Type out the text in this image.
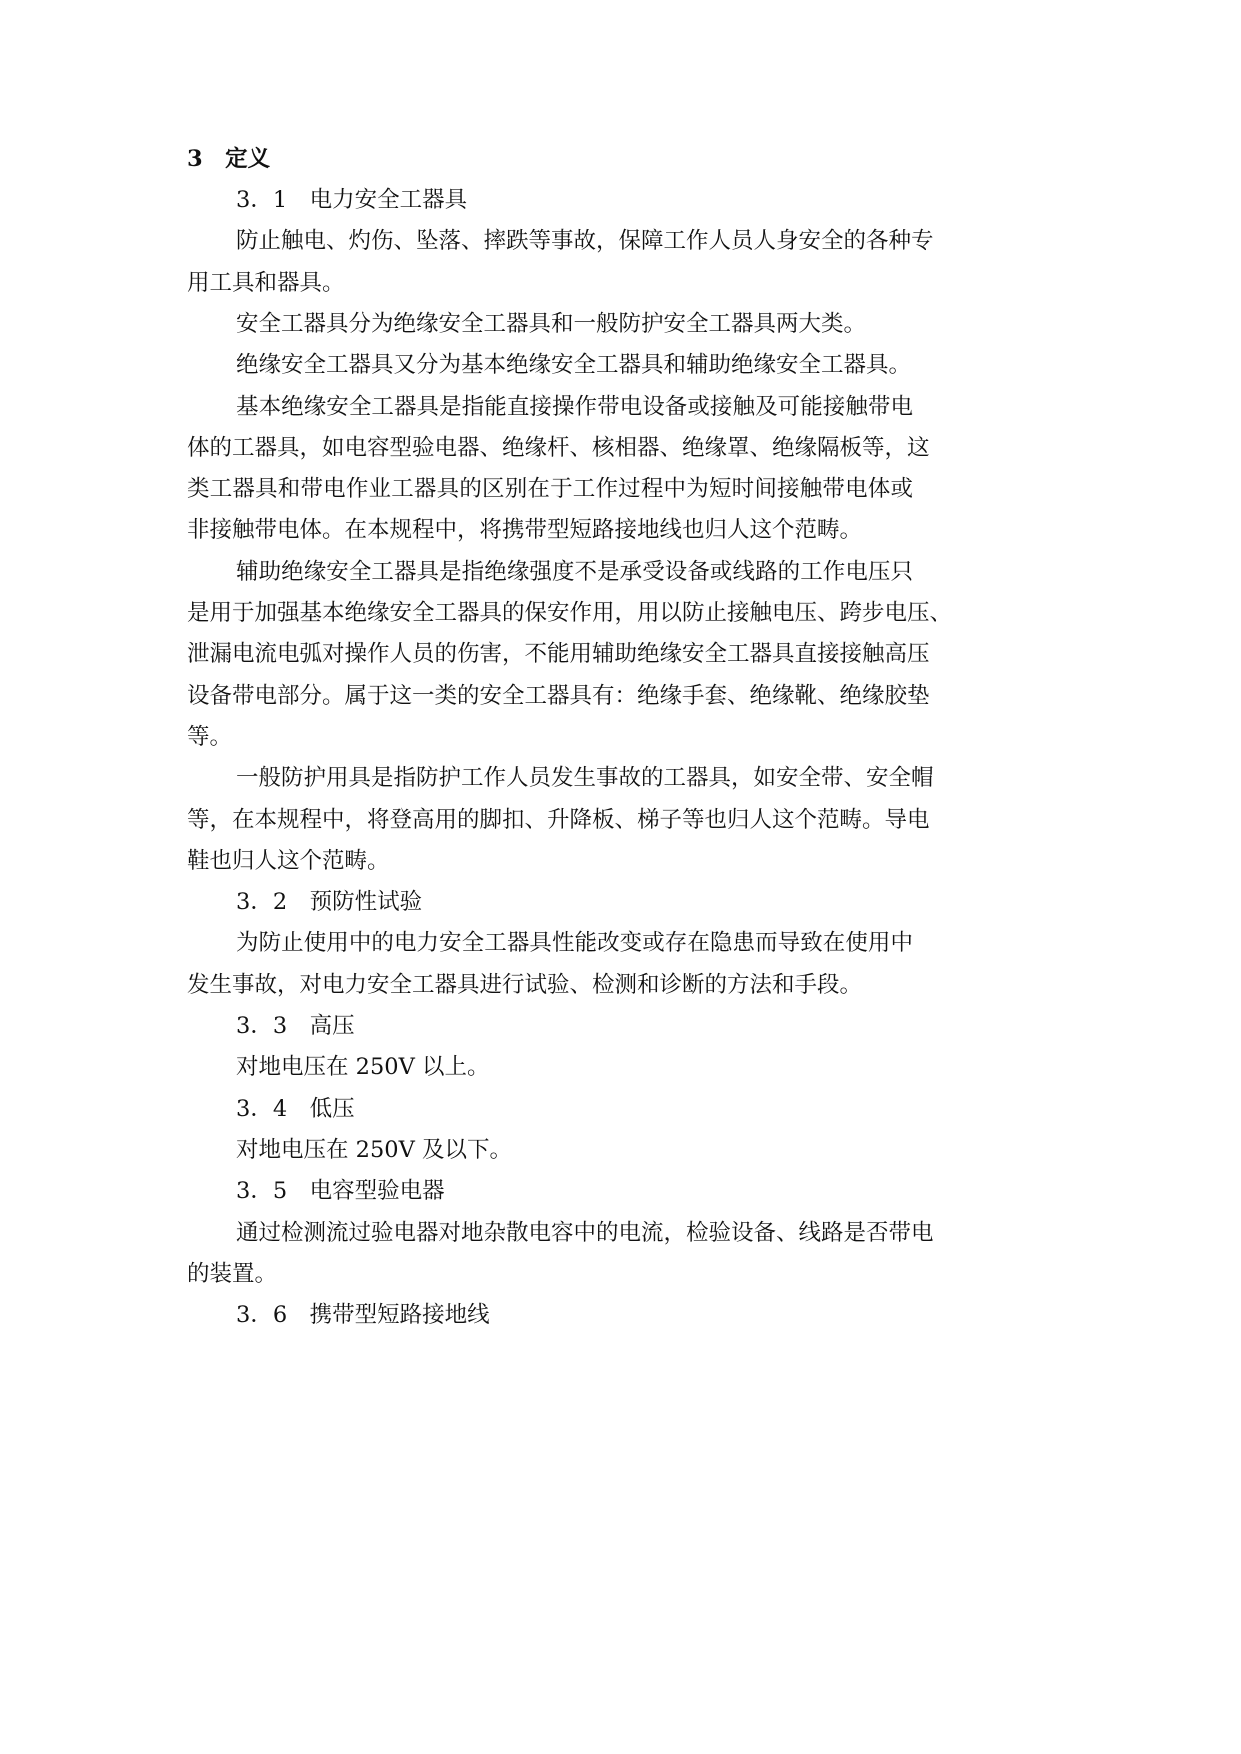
3　定义
3．1　电力安全工器具
防止触电、灼伤、坠落、摔跌等事故，保障工作人员人身安全的各种专
用工具和器具。
安全工器具分为绝缘安全工器具和一般防护安全工器具两大类。
绝缘安全工器具又分为基本绝缘安全工器具和辅助绝缘安全工器具。
基本绝缘安全工器具是指能直接操作带电设备或接触及可能接触带电
体的工器具，如电容型验电器、绝缘杆、核相器、绝缘罩、绝缘隔板等，这
类工器具和带电作业工器具的区别在于工作过程中为短时间接触带电体或
非接触带电体。在本规程中，将携带型短路接地线也归人这个范畴。
辅助绝缘安全工器具是指绝缘强度不是承受设备或线路的工作电压只
是用于加强基本绝缘安全工器具的保安作用，用以防止接触电压、跨步电压、
泄漏电流电弧对操作人员的伤害，不能用辅助绝缘安全工器具直接接触高压
设备带电部分。属于这一类的安全工器具有：绝缘手套、绝缘靴、绝缘胶垫
等。
一般防护用具是指防护工作人员发生事故的工器具，如安全带、安全帽
等，在本规程中，将登高用的脚扣、升降板、梯子等也归人这个范畴。导电
鞋也归人这个范畴。
3．2　预防性试验
为防止使用中的电力安全工器具性能改变或存在隐患而导致在使用中
发生事故，对电力安全工器具进行试验、检测和诊断的方法和手段。
3．3　高压
对地电压在 250V 以上。
3．4　低压
对地电压在 250V 及以下。
3．5　电容型验电器
通过检测流过验电器对地杂散电容中的电流，检验设备、线路是否带电
的装置。
3．6　携带型短路接地线
